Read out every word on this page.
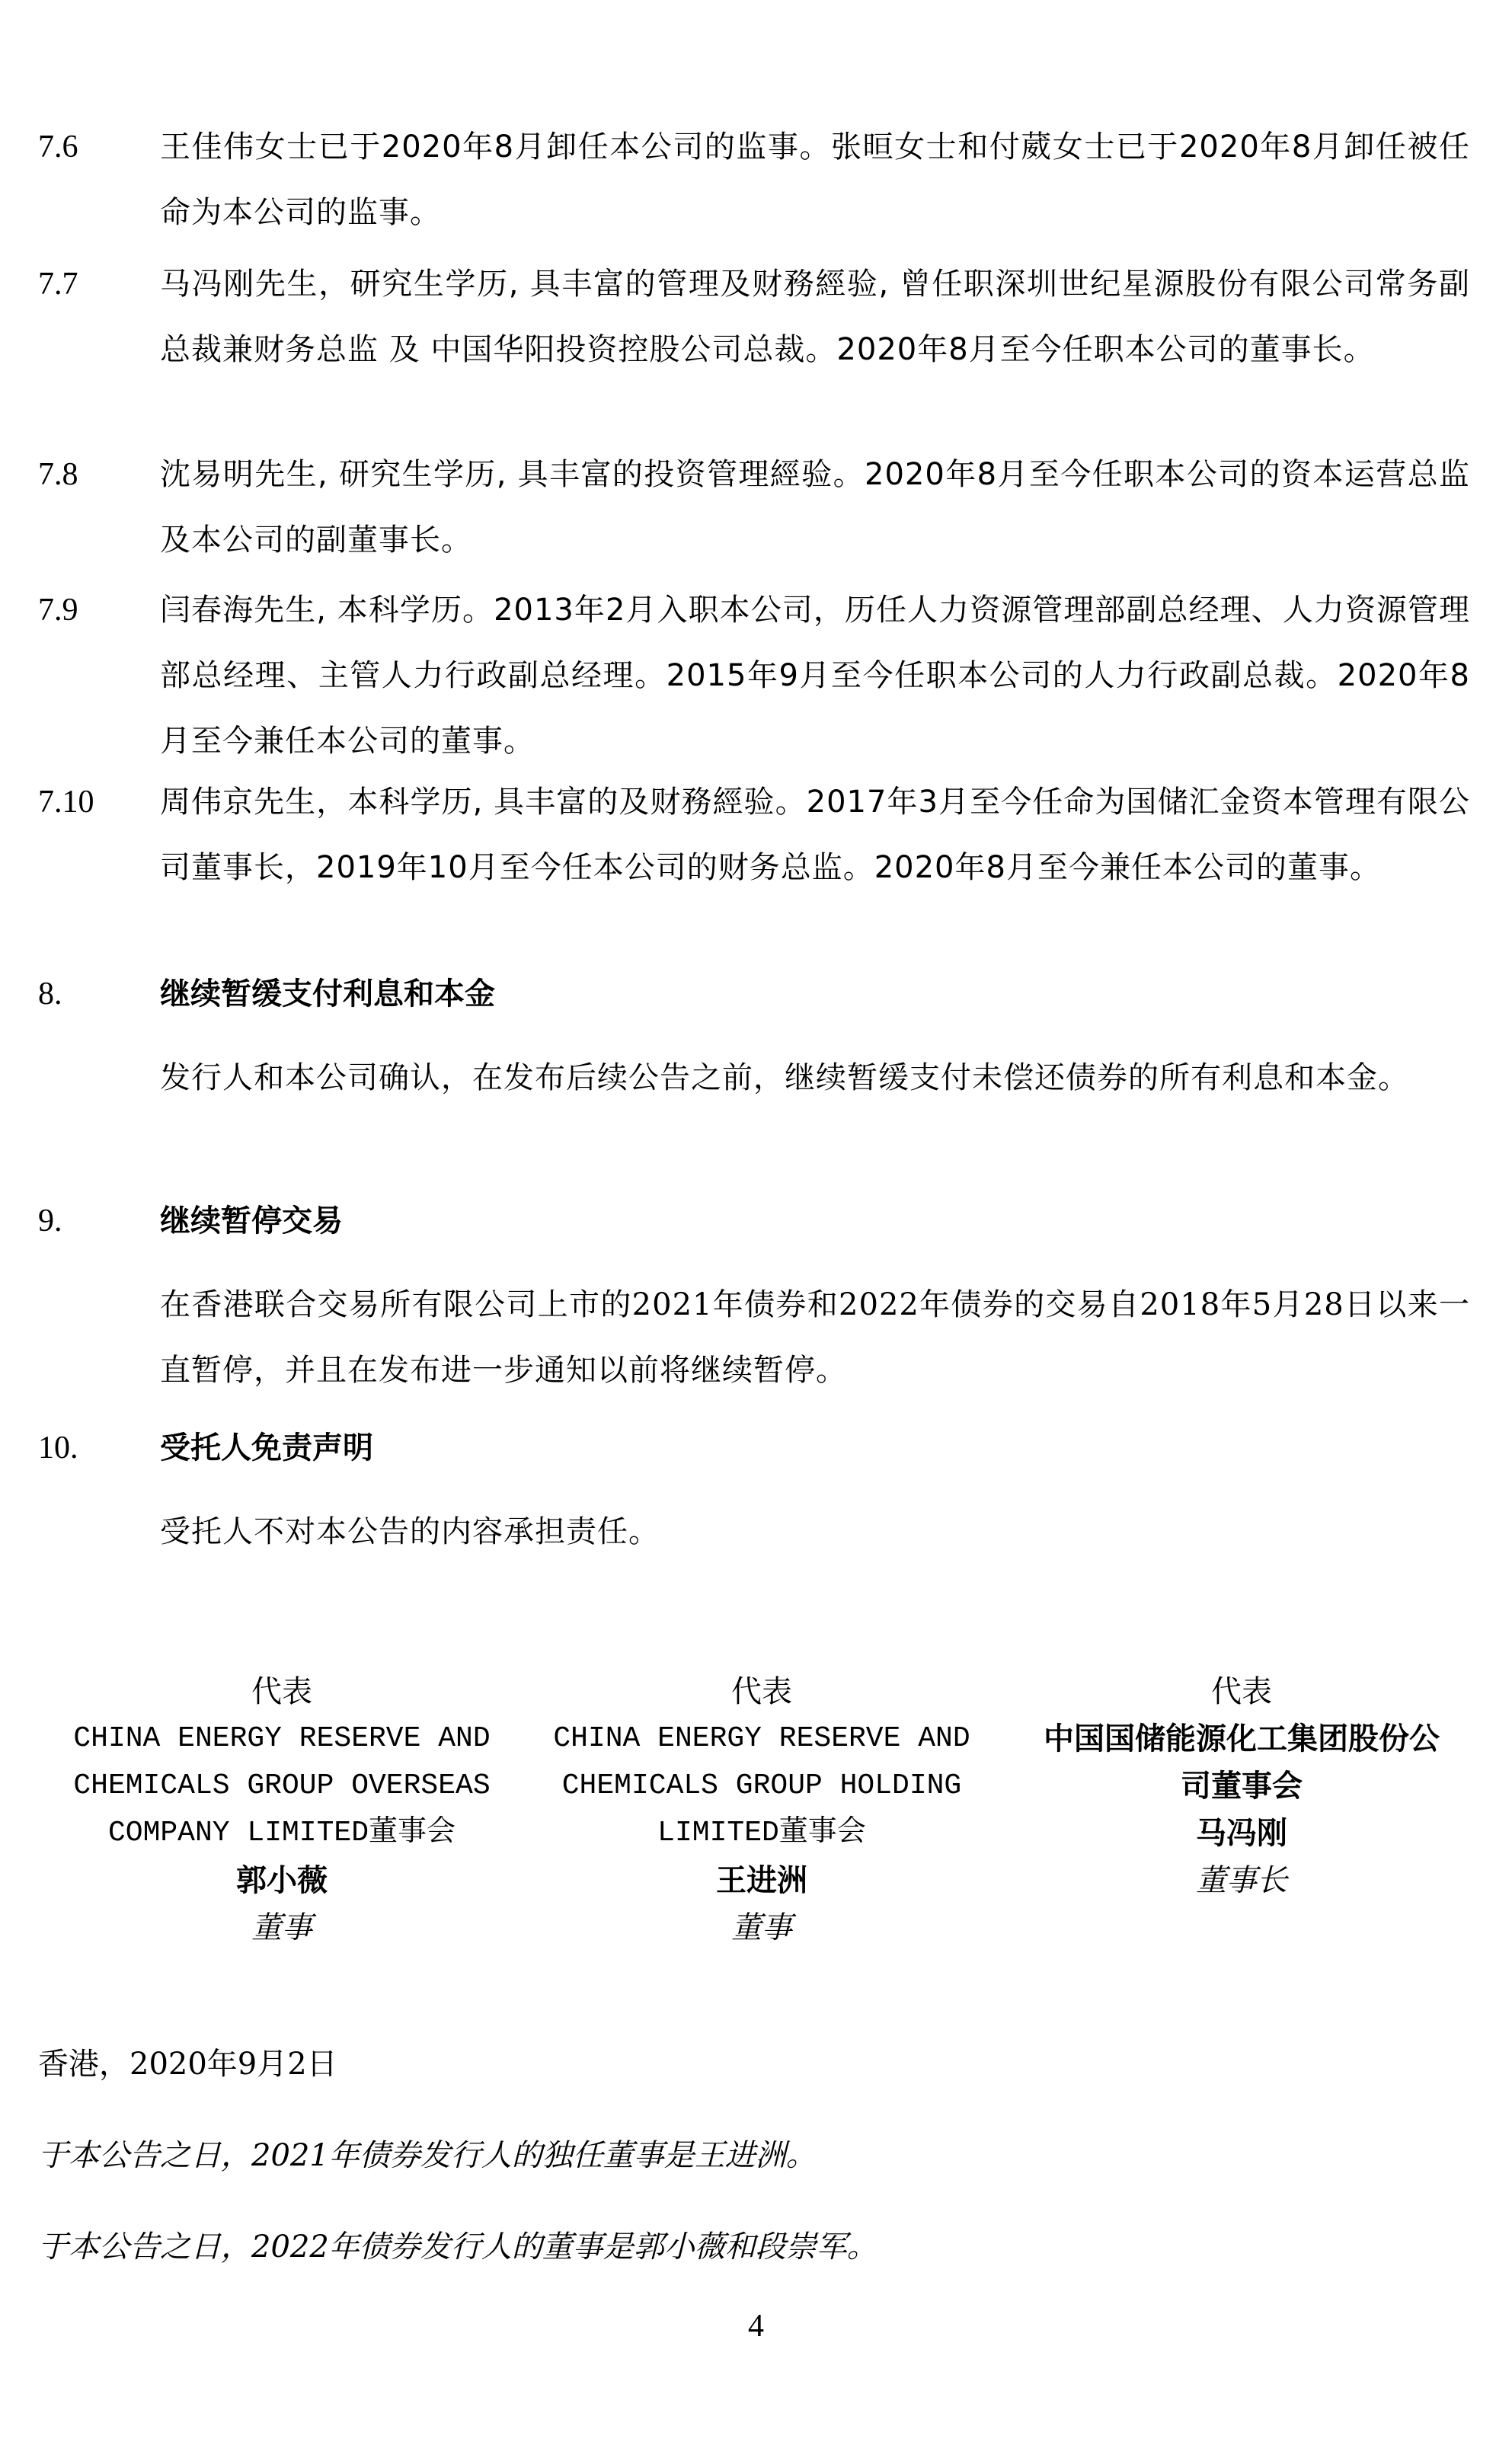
7.6	王佳伟女士已于2020年8月卸任本公司的监事。张晅女士和付葳女士已于2020年8月卸任被任命为本公司的监事。
7.7	马冯刚先生，研究生学历, 具丰富的管理及财務經验, 曾任职深圳世纪星源股份有限公司常务副总裁兼财务总监 及 中国华阳投资控股公司总裁。2020年8月至今任职本公司的董事长。
7.8	沈易明先生, 研究生学历, 具丰富的投资管理經验。2020年8月至今任职本公司的资本运营总监及本公司的副董事长。
7.9	闫春海先生, 本科学历。2013年2月入职本公司，历任人力资源管理部副总经理、人力资源管理部总经理、主管人力行政副总经理。2015年9月至今任职本公司的人力行政副总裁。2020年8月至今兼任本公司的董事。
7.10 周伟京先生，本科学历, 具丰富的及财務經验。2017年3月至今任命为国储汇金资本管理有限公司董事长，2019年10月至今任本公司的财务总监。2020年8月至今兼任本公司的董事。
8.	继续暂缓支付利息和本金
发行人和本公司确认，在发布后续公告之前，继续暂缓支付未偿还债券的所有利息和本金。
9.	继续暂停交易
在香港联合交易所有限公司上市的2021年债券和2022年债券的交易自2018年5月28日以来一直暂停，并且在发布进一步通知以前将继续暂停。
10.	受托人免责声明
受托人不对本公告的内容承担责任。
代表
CHINA ENERGY RESERVE AND
CHEMICALS GROUP OVERSEAS
COMPANY LIMITED董事会
郭小薇
董事
代表
CHINA ENERGY RESERVE AND
CHEMICALS GROUP HOLDING
LIMITED董事会
王进洲
董事
代表
中国国储能源化工集团股份公
司董事会
马冯刚
董事长
香港，2020年9月2日
于本公告之日，2021年债券发行人的独任董事是王进洲。
于本公告之日，2022年债券发行人的董事是郭小薇和段崇军。
4
